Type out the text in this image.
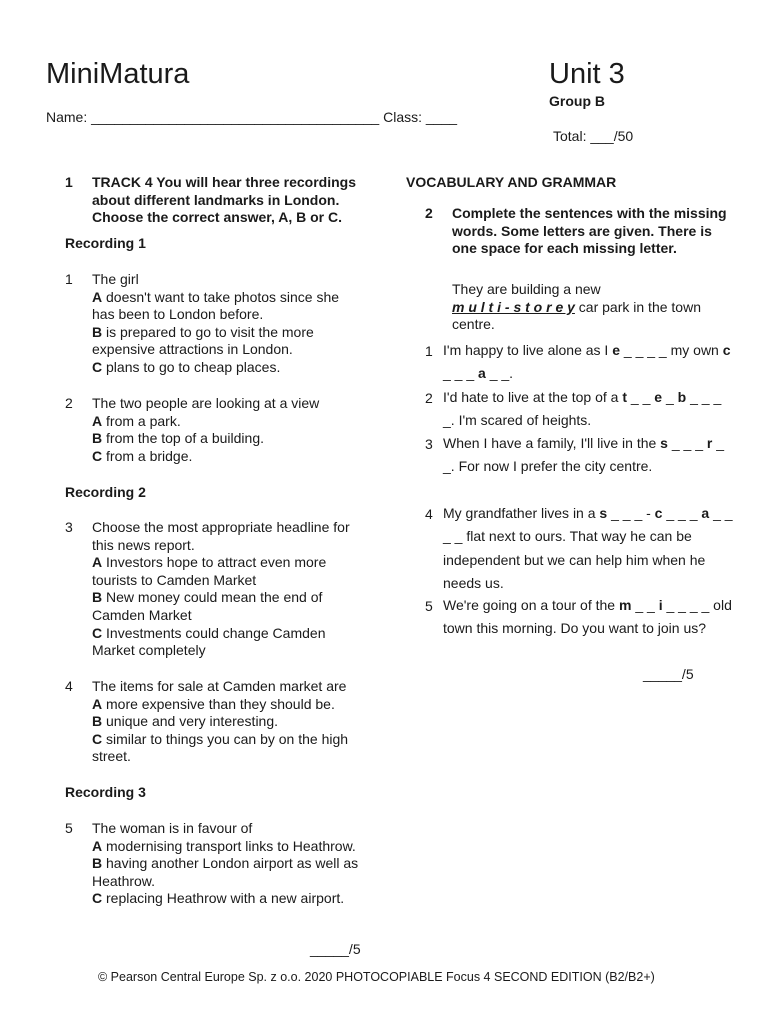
MiniMatura	Unit 3
Group B
Name: _____________________________________ Class: ____
Total: ___/50
1 TRACK 4 You will hear three recordings about different landmarks in London. Choose the correct answer, A, B or C.
Recording 1
1 The girl

A doesn't want to take photos since she has been to London before.

B is prepared to go to visit the more expensive attractions in London.

C plans to go to cheap places.

2 The two people are looking at a view

A from a park.

B from the top of a building.

C from a bridge.

Recording 2
3 Choose the most appropriate headline for this news report.

A Investors hope to attract even more tourists to Camden Market

B New money could mean the end of Camden Market

C Investments could change Camden Market completely

4 The items for sale at Camden market are

A more expensive than they should be.

B unique and very interesting.

C similar to things you can by on the high street.

Recording 3
5 The woman is in favour of

A modernising transport links to Heathrow.

B having another London airport as well as Heathrow.

C replacing Heathrow with a new airport.

_____/5
VOCABULARY AND GRAMMAR
2 Complete the sentences with the missing words. Some letters are given. There is one space for each missing letter.
They are building a new
m u l t i - s t o r e y car park in the town centre.
1 I'm happy to live alone as I e _ _ _ _ my own c _ _ _ a _ _.
2 I'd hate to live at the top of a t _ _ e _ b _ _ _ _. I'm scared of heights.
3 When I have a family, I'll live in the s _ _ _ r _ _. For now I prefer the city centre.
4 My grandfather lives in a s _ _ _ - c _ _ _ a _ _ _ _ flat next to ours. That way he can be independent but we can help him when he needs us.
5 We're going on a tour of the m _ _ i _ _ _ _ old town this morning. Do you want to join us?
_____/5
© Pearson Central Europe Sp. z o.o. 2020 PHOTOCOPIABLE Focus 4 SECOND EDITION (B2/B2+)
